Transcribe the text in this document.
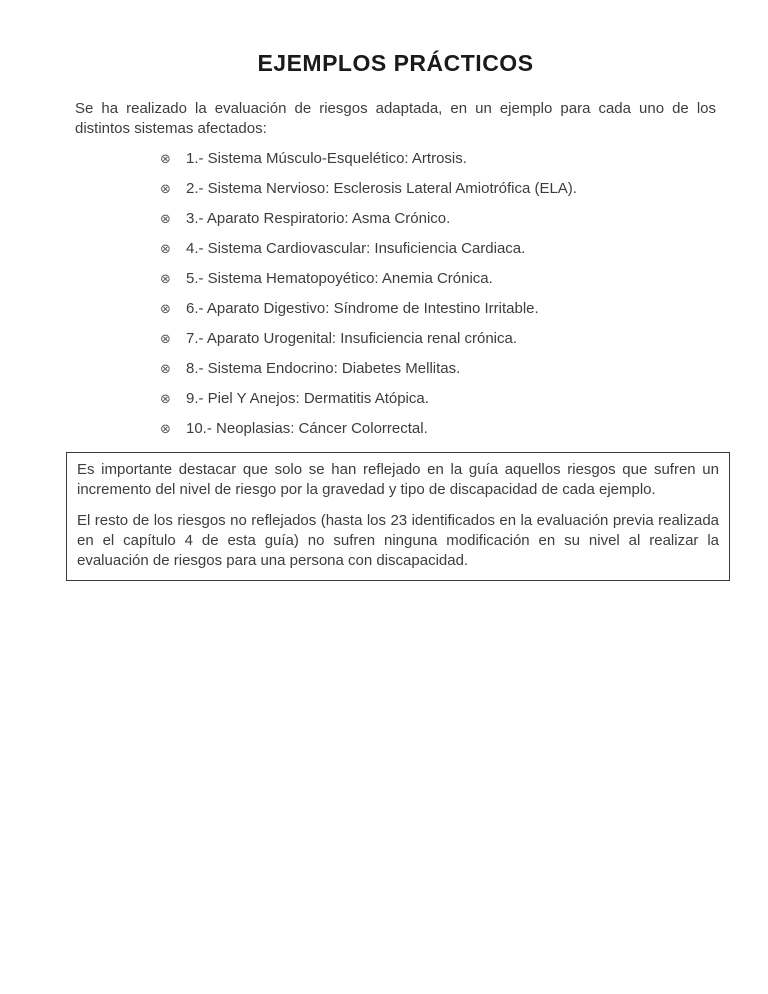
EJEMPLOS PRÁCTICOS

Se ha realizado la evaluación de riesgos adaptada, en un ejemplo para cada uno de los distintos sistemas afectados:

⊗	1.- Sistema Músculo-Esquelético: Artrosis.
⊗	2.- Sistema Nervioso: Esclerosis Lateral Amiotrófica (ELA).
⊗	3.- Aparato Respiratorio: Asma Crónico.
⊗	4.- Sistema Cardiovascular: Insuficiencia Cardiaca.
⊗	5.- Sistema Hematopoyético: Anemia Crónica.
⊗	6.- Aparato Digestivo: Síndrome de Intestino Irritable.
⊗	7.- Aparato Urogenital: Insuficiencia renal crónica.
⊗	8.- Sistema Endocrino: Diabetes Mellitas.
⊗	9.- Piel Y Anejos: Dermatitis Atópica.
⊗	10.- Neoplasias: Cáncer Colorrectal.

Es importante destacar que solo se han reflejado en la guía aquellos riesgos que sufren un incremento del nivel de riesgo por la gravedad y tipo de discapacidad de cada ejemplo.

El resto de los riesgos no reflejados (hasta los 23 identificados en la evaluación previa realizada en el capítulo 4 de esta guía) no sufren ninguna modificación en su nivel al realizar la evaluación de riesgos para una persona con discapacidad.
